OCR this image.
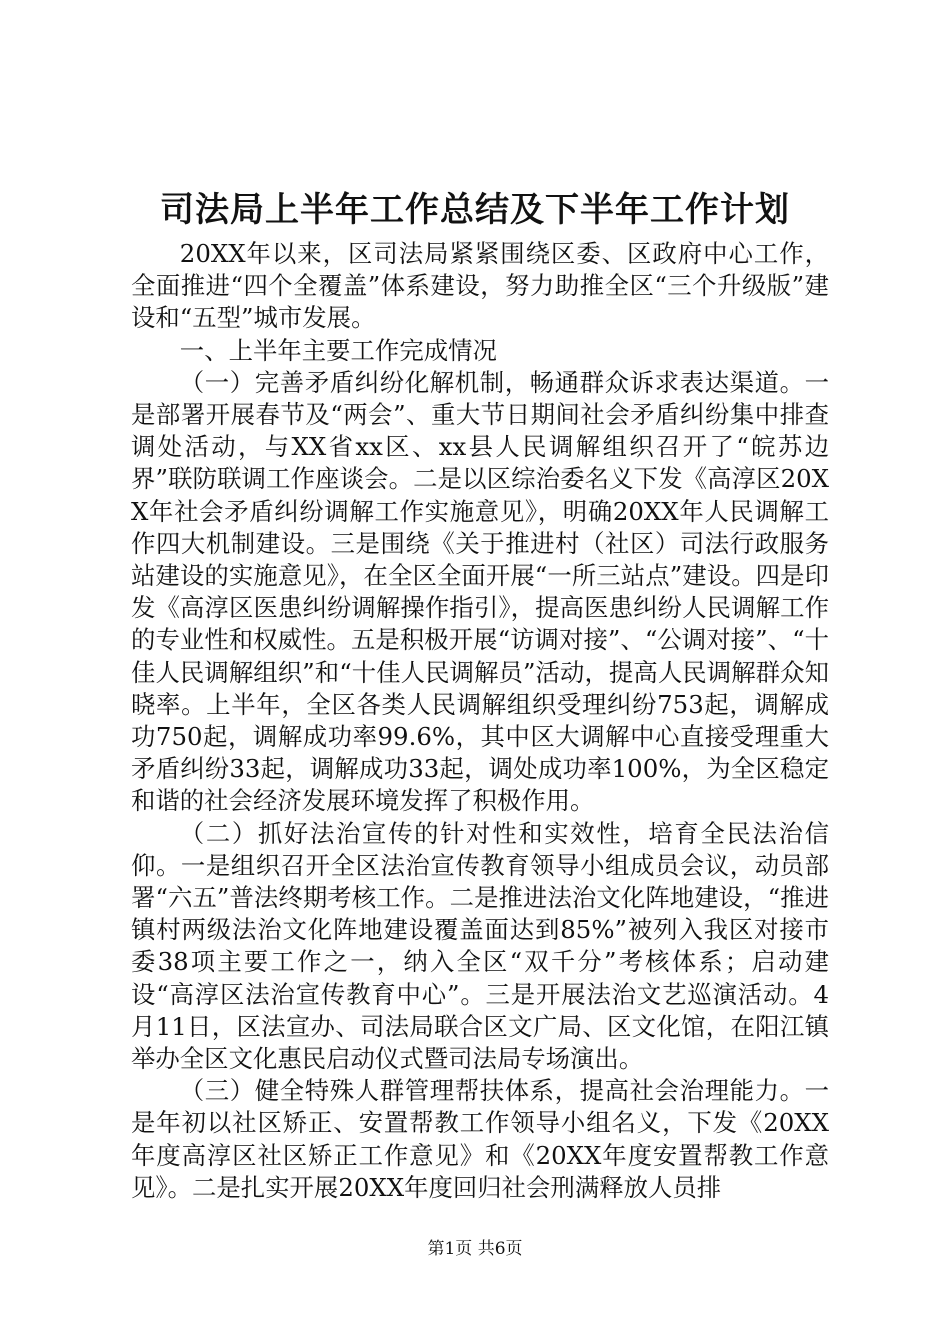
司法局上半年工作总结及下半年工作计划

20XX年以来，区司法局紧紧围绕区委、区政府中心工作，全面推进“四个全覆盖”体系建设，努力助推全区“三个升级版”建设和“五型”城市发展。

一、上半年主要工作完成情况

（一）完善矛盾纠纷化解机制，畅通群众诉求表达渠道。一是部署开展春节及“两会”、重大节日期间社会矛盾纠纷集中排查调处活动，与XX省xx区、xx县人民调解组织召开了“皖苏边界”联防联调工作座谈会。二是以区综治委名义下发《高淳区20XX年社会矛盾纠纷调解工作实施意见》，明确20XX年人民调解工作四大机制建设。三是围绕《关于推进村（社区）司法行政服务站建设的实施意见》，在全区全面开展“一所三站点”建设。四是印发《高淳区医患纠纷调解操作指引》，提高医患纠纷人民调解工作的专业性和权威性。五是积极开展“访调对接”、“公调对接”、“十佳人民调解组织”和“十佳人民调解员”活动，提高人民调解群众知晓率。上半年，全区各类人民调解组织受理纠纷753起，调解成功750起，调解成功率99.6%，其中区大调解中心直接受理重大矛盾纠纷33起，调解成功33起，调处成功率100%，为全区稳定和谐的社会经济发展环境发挥了积极作用。

（二）抓好法治宣传的针对性和实效性，培育全民法治信仰。一是组织召开全区法治宣传教育领导小组成员会议，动员部署“六五”普法终期考核工作。二是推进法治文化阵地建设，“推进镇村两级法治文化阵地建设覆盖面达到85%”被列入我区对接市委38项主要工作之一，纳入全区“双千分”考核体系；启动建设“高淳区法治宣传教育中心”。三是开展法治文艺巡演活动。4月11日，区法宣办、司法局联合区文广局、区文化馆，在阳江镇举办全区文化惠民启动仪式暨司法局专场演出。

（三）健全特殊人群管理帮扶体系，提高社会治理能力。一是年初以社区矫正、安置帮教工作领导小组名义，下发《20XX年度高淳区社区矫正工作意见》和《20XX年度安置帮教工作意见》。二是扎实开展20XX年度回归社会刑满释放人员排

第1页 共6页
